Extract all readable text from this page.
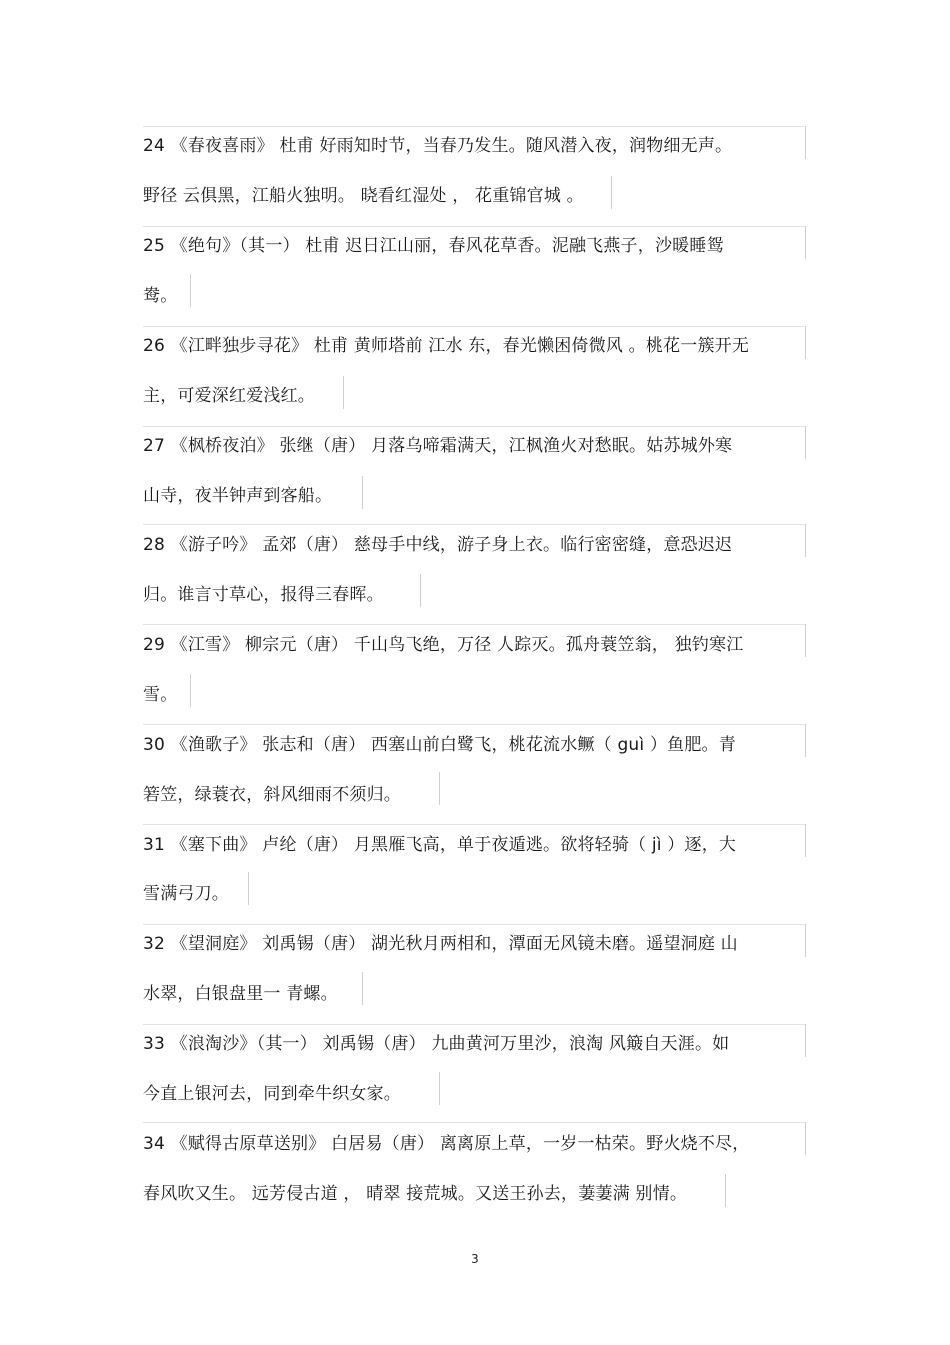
24 《春夜喜雨》 杜甫 好雨知时节，当春乃发生。随风潜入夜，润物细无声。
野径 云俱黑，江船火独明。 晓看红湿处 ， 花重锦官城 。
25 《绝句》（其一） 杜甫 迟日江山丽，春风花草香。泥融飞燕子，沙暖睡鸳
鸯。
26 《江畔独步寻花》 杜甫 黄师塔前 江水 东，春光懒困倚微风 。桃花一簇开无
主，可爱深红爱浅红。
27 《枫桥夜泊》 张继（唐） 月落乌啼霜满天，江枫渔火对愁眠。姑苏城外寒
山寺，夜半钟声到客船。
28 《游子吟》 孟郊（唐） 慈母手中线，游子身上衣。临行密密缝，意恐迟迟
归。谁言寸草心，报得三春晖。
29 《江雪》 柳宗元（唐） 千山鸟飞绝，万径 人踪灭。孤舟蓑笠翁， 独钓寒江
雪。
30 《渔歌子》 张志和（唐） 西塞山前白鹭飞，桃花流水鳜（ guì ）鱼肥。青
箬笠，绿蓑衣，斜风细雨不须归。
31 《塞下曲》 卢纶（唐） 月黑雁飞高，单于夜遁逃。欲将轻骑（ jì ）逐，大
雪满弓刀。
32 《望洞庭》 刘禹锡（唐） 湖光秋月两相和，潭面无风镜未磨。遥望洞庭 山
水翠，白银盘里一 青螺。
33 《浪淘沙》（其一） 刘禹锡（唐） 九曲黄河万里沙，浪淘 风簸自天涯。如
今直上银河去，同到牵牛织女家。
34 《赋得古原草送别》 白居易（唐） 离离原上草，一岁一枯荣。野火烧不尽，
春风吹又生。 远芳侵古道 ， 晴翠 接荒城。又送王孙去，萋萋满 别情。
3
